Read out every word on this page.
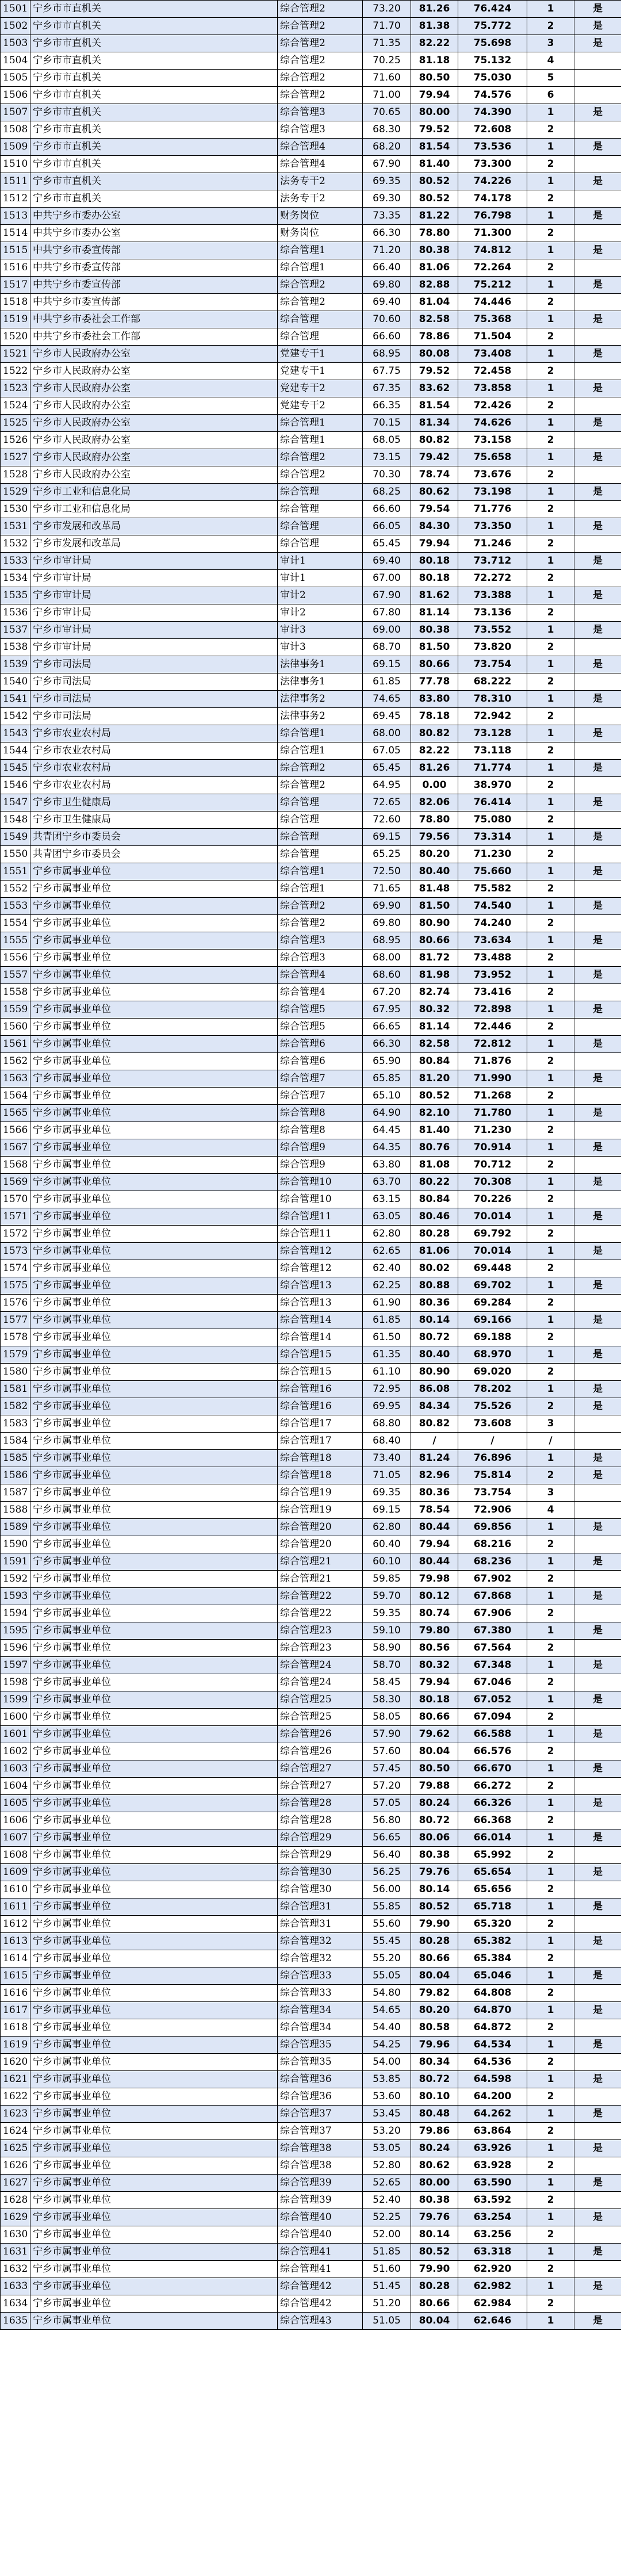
1501	宁乡市市直机关	综合管理2	73.20	81.26	76.424	1	是
1502	宁乡市市直机关	综合管理2	71.70	81.38	75.772	2	是
1503	宁乡市市直机关	综合管理2	71.35	82.22	75.698	3	是
1504	宁乡市市直机关	综合管理2	70.25	81.18	75.132	4	
1505	宁乡市市直机关	综合管理2	71.60	80.50	75.030	5	
1506	宁乡市市直机关	综合管理2	71.00	79.94	74.576	6	
1507	宁乡市市直机关	综合管理3	70.65	80.00	74.390	1	是
1508	宁乡市市直机关	综合管理3	68.30	79.52	72.608	2	
1509	宁乡市市直机关	综合管理4	68.20	81.54	73.536	1	是
1510	宁乡市市直机关	综合管理4	67.90	81.40	73.300	2	
1511	宁乡市市直机关	法务专干2	69.35	80.52	74.226	1	是
1512	宁乡市市直机关	法务专干2	69.30	80.52	74.178	2	
1513	中共宁乡市委办公室	财务岗位	73.35	81.22	76.798	1	是
1514	中共宁乡市委办公室	财务岗位	66.30	78.80	71.300	2	
1515	中共宁乡市委宣传部	综合管理1	71.20	80.38	74.812	1	是
1516	中共宁乡市委宣传部	综合管理1	66.40	81.06	72.264	2	
1517	中共宁乡市委宣传部	综合管理2	69.80	82.88	75.212	1	是
1518	中共宁乡市委宣传部	综合管理2	69.40	81.04	74.446	2	
1519	中共宁乡市委社会工作部	综合管理	70.60	82.58	75.368	1	是
1520	中共宁乡市委社会工作部	综合管理	66.60	78.86	71.504	2	
1521	宁乡市人民政府办公室	党建专干1	68.95	80.08	73.408	1	是
1522	宁乡市人民政府办公室	党建专干1	67.75	79.52	72.458	2	
1523	宁乡市人民政府办公室	党建专干2	67.35	83.62	73.858	1	是
1524	宁乡市人民政府办公室	党建专干2	66.35	81.54	72.426	2	
1525	宁乡市人民政府办公室	综合管理1	70.15	81.34	74.626	1	是
1526	宁乡市人民政府办公室	综合管理1	68.05	80.82	73.158	2	
1527	宁乡市人民政府办公室	综合管理2	73.15	79.42	75.658	1	是
1528	宁乡市人民政府办公室	综合管理2	70.30	78.74	73.676	2	
1529	宁乡市工业和信息化局	综合管理	68.25	80.62	73.198	1	是
1530	宁乡市工业和信息化局	综合管理	66.60	79.54	71.776	2	
1531	宁乡市发展和改革局	综合管理	66.05	84.30	73.350	1	是
1532	宁乡市发展和改革局	综合管理	65.45	79.94	71.246	2	
1533	宁乡市审计局	审计1	69.40	80.18	73.712	1	是
1534	宁乡市审计局	审计1	67.00	80.18	72.272	2	
1535	宁乡市审计局	审计2	67.90	81.62	73.388	1	是
1536	宁乡市审计局	审计2	67.80	81.14	73.136	2	
1537	宁乡市审计局	审计3	69.00	80.38	73.552	1	是
1538	宁乡市审计局	审计3	68.70	81.50	73.820	2	
1539	宁乡市司法局	法律事务1	69.15	80.66	73.754	1	是
1540	宁乡市司法局	法律事务1	61.85	77.78	68.222	2	
1541	宁乡市司法局	法律事务2	74.65	83.80	78.310	1	是
1542	宁乡市司法局	法律事务2	69.45	78.18	72.942	2	
1543	宁乡市农业农村局	综合管理1	68.00	80.82	73.128	1	是
1544	宁乡市农业农村局	综合管理1	67.05	82.22	73.118	2	
1545	宁乡市农业农村局	综合管理2	65.45	81.26	71.774	1	是
1546	宁乡市农业农村局	综合管理2	64.95	0.00	38.970	2	
1547	宁乡市卫生健康局	综合管理	72.65	82.06	76.414	1	是
1548	宁乡市卫生健康局	综合管理	72.60	78.80	75.080	2	
1549	共青团宁乡市委员会	综合管理	69.15	79.56	73.314	1	是
1550	共青团宁乡市委员会	综合管理	65.25	80.20	71.230	2	
1551	宁乡市属事业单位	综合管理1	72.50	80.40	75.660	1	是
1552	宁乡市属事业单位	综合管理1	71.65	81.48	75.582	2	
1553	宁乡市属事业单位	综合管理2	69.90	81.50	74.540	1	是
1554	宁乡市属事业单位	综合管理2	69.80	80.90	74.240	2	
1555	宁乡市属事业单位	综合管理3	68.95	80.66	73.634	1	是
1556	宁乡市属事业单位	综合管理3	68.00	81.72	73.488	2	
1557	宁乡市属事业单位	综合管理4	68.60	81.98	73.952	1	是
1558	宁乡市属事业单位	综合管理4	67.20	82.74	73.416	2	
1559	宁乡市属事业单位	综合管理5	67.95	80.32	72.898	1	是
1560	宁乡市属事业单位	综合管理5	66.65	81.14	72.446	2	
1561	宁乡市属事业单位	综合管理6	66.30	82.58	72.812	1	是
1562	宁乡市属事业单位	综合管理6	65.90	80.84	71.876	2	
1563	宁乡市属事业单位	综合管理7	65.85	81.20	71.990	1	是
1564	宁乡市属事业单位	综合管理7	65.10	80.52	71.268	2	
1565	宁乡市属事业单位	综合管理8	64.90	82.10	71.780	1	是
1566	宁乡市属事业单位	综合管理8	64.45	81.40	71.230	2	
1567	宁乡市属事业单位	综合管理9	64.35	80.76	70.914	1	是
1568	宁乡市属事业单位	综合管理9	63.80	81.08	70.712	2	
1569	宁乡市属事业单位	综合管理10	63.70	80.22	70.308	1	是
1570	宁乡市属事业单位	综合管理10	63.15	80.84	70.226	2	
1571	宁乡市属事业单位	综合管理11	63.05	80.46	70.014	1	是
1572	宁乡市属事业单位	综合管理11	62.80	80.28	69.792	2	
1573	宁乡市属事业单位	综合管理12	62.65	81.06	70.014	1	是
1574	宁乡市属事业单位	综合管理12	62.40	80.02	69.448	2	
1575	宁乡市属事业单位	综合管理13	62.25	80.88	69.702	1	是
1576	宁乡市属事业单位	综合管理13	61.90	80.36	69.284	2	
1577	宁乡市属事业单位	综合管理14	61.85	80.14	69.166	1	是
1578	宁乡市属事业单位	综合管理14	61.50	80.72	69.188	2	
1579	宁乡市属事业单位	综合管理15	61.35	80.40	68.970	1	是
1580	宁乡市属事业单位	综合管理15	61.10	80.90	69.020	2	
1581	宁乡市属事业单位	综合管理16	72.95	86.08	78.202	1	是
1582	宁乡市属事业单位	综合管理16	69.95	84.34	75.526	2	是
1583	宁乡市属事业单位	综合管理17	68.80	80.82	73.608	3	
1584	宁乡市属事业单位	综合管理17	68.40	/	/	/	
1585	宁乡市属事业单位	综合管理18	73.40	81.24	76.896	1	是
1586	宁乡市属事业单位	综合管理18	71.05	82.96	75.814	2	是
1587	宁乡市属事业单位	综合管理19	69.35	80.36	73.754	3	
1588	宁乡市属事业单位	综合管理19	69.15	78.54	72.906	4	
1589	宁乡市属事业单位	综合管理20	62.80	80.44	69.856	1	是
1590	宁乡市属事业单位	综合管理20	60.40	79.94	68.216	2	
1591	宁乡市属事业单位	综合管理21	60.10	80.44	68.236	1	是
1592	宁乡市属事业单位	综合管理21	59.85	79.98	67.902	2	
1593	宁乡市属事业单位	综合管理22	59.70	80.12	67.868	1	是
1594	宁乡市属事业单位	综合管理22	59.35	80.74	67.906	2	
1595	宁乡市属事业单位	综合管理23	59.10	79.80	67.380	1	是
1596	宁乡市属事业单位	综合管理23	58.90	80.56	67.564	2	
1597	宁乡市属事业单位	综合管理24	58.70	80.32	67.348	1	是
1598	宁乡市属事业单位	综合管理24	58.45	79.94	67.046	2	
1599	宁乡市属事业单位	综合管理25	58.30	80.18	67.052	1	是
1600	宁乡市属事业单位	综合管理25	58.05	80.66	67.094	2	
1601	宁乡市属事业单位	综合管理26	57.90	79.62	66.588	1	是
1602	宁乡市属事业单位	综合管理26	57.60	80.04	66.576	2	
1603	宁乡市属事业单位	综合管理27	57.45	80.50	66.670	1	是
1604	宁乡市属事业单位	综合管理27	57.20	79.88	66.272	2	
1605	宁乡市属事业单位	综合管理28	57.05	80.24	66.326	1	是
1606	宁乡市属事业单位	综合管理28	56.80	80.72	66.368	2	
1607	宁乡市属事业单位	综合管理29	56.65	80.06	66.014	1	是
1608	宁乡市属事业单位	综合管理29	56.40	80.38	65.992	2	
1609	宁乡市属事业单位	综合管理30	56.25	79.76	65.654	1	是
1610	宁乡市属事业单位	综合管理30	56.00	80.14	65.656	2	
1611	宁乡市属事业单位	综合管理31	55.85	80.52	65.718	1	是
1612	宁乡市属事业单位	综合管理31	55.60	79.90	65.320	2	
1613	宁乡市属事业单位	综合管理32	55.45	80.28	65.382	1	是
1614	宁乡市属事业单位	综合管理32	55.20	80.66	65.384	2	
1615	宁乡市属事业单位	综合管理33	55.05	80.04	65.046	1	是
1616	宁乡市属事业单位	综合管理33	54.80	79.82	64.808	2	
1617	宁乡市属事业单位	综合管理34	54.65	80.20	64.870	1	是
1618	宁乡市属事业单位	综合管理34	54.40	80.58	64.872	2	
1619	宁乡市属事业单位	综合管理35	54.25	79.96	64.534	1	是
1620	宁乡市属事业单位	综合管理35	54.00	80.34	64.536	2	
1621	宁乡市属事业单位	综合管理36	53.85	80.72	64.598	1	是
1622	宁乡市属事业单位	综合管理36	53.60	80.10	64.200	2	
1623	宁乡市属事业单位	综合管理37	53.45	80.48	64.262	1	是
1624	宁乡市属事业单位	综合管理37	53.20	79.86	63.864	2	
1625	宁乡市属事业单位	综合管理38	53.05	80.24	63.926	1	是
1626	宁乡市属事业单位	综合管理38	52.80	80.62	63.928	2	
1627	宁乡市属事业单位	综合管理39	52.65	80.00	63.590	1	是
1628	宁乡市属事业单位	综合管理39	52.40	80.38	63.592	2	
1629	宁乡市属事业单位	综合管理40	52.25	79.76	63.254	1	是
1630	宁乡市属事业单位	综合管理40	52.00	80.14	63.256	2	
1631	宁乡市属事业单位	综合管理41	51.85	80.52	63.318	1	是
1632	宁乡市属事业单位	综合管理41	51.60	79.90	62.920	2	
1633	宁乡市属事业单位	综合管理42	51.45	80.28	62.982	1	是
1634	宁乡市属事业单位	综合管理42	51.20	80.66	62.984	2	
1635	宁乡市属事业单位	综合管理43	51.05	80.04	62.646	1	是
